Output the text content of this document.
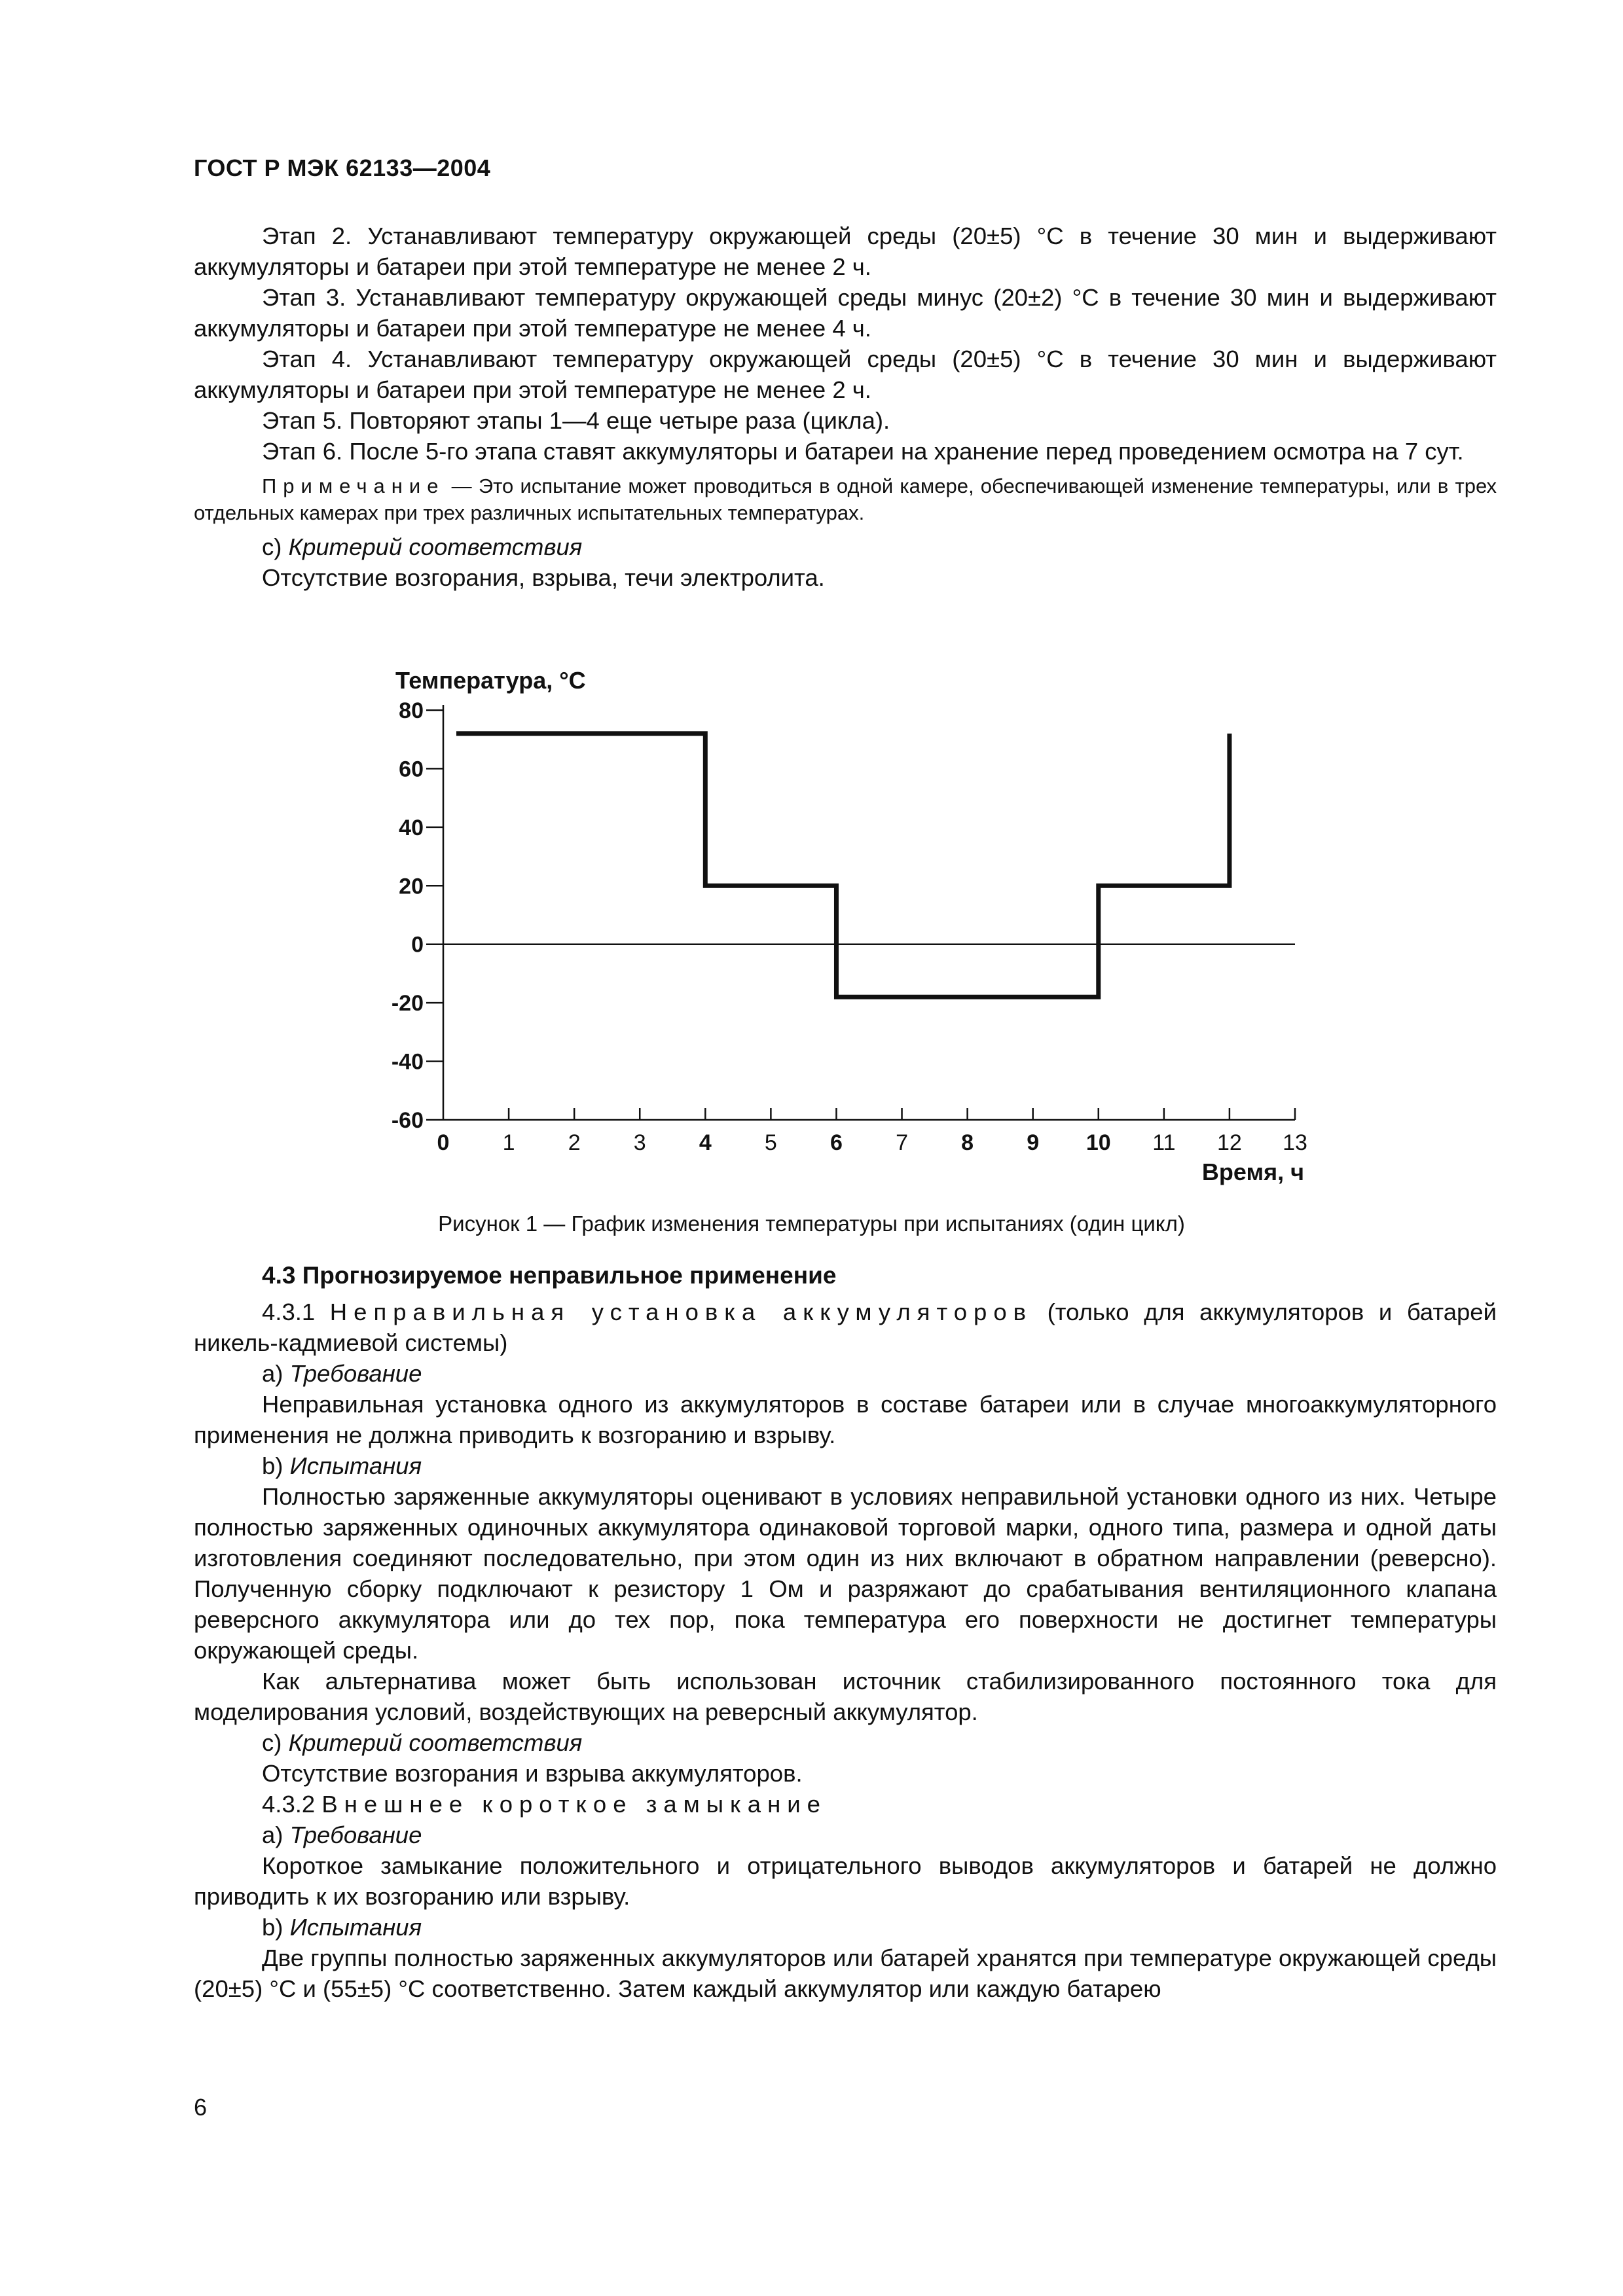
ГОСТ Р МЭК 62133—2004

Этап 2. Устанавливают температуру окружающей среды (20±5) °С в течение 30 мин и выдерживают аккумуляторы и батареи при этой температуре не менее 2 ч.

Этап 3. Устанавливают температуру окружающей среды минус (20±2) °С в течение 30 мин и выдерживают аккумуляторы и батареи при этой температуре не менее 4 ч.

Этап 4. Устанавливают температуру окружающей среды (20±5) °С в течение 30 мин и выдерживают аккумуляторы и батареи при этой температуре не менее 2 ч.

Этап 5. Повторяют этапы 1—4 еще четыре раза (цикла).

Этап 6. После 5-го этапа ставят аккумуляторы и батареи на хранение перед проведением осмотра на 7 сут.

Примечание — Это испытание может проводиться в одной камере, обеспечивающей изменение температуры, или в трех отдельных камерах при трех различных испытательных температурах.

c) Критерий соответствия

Отсутствие возгорания, взрыва, течи электролита.

80
60
40
20
0
-20
-40
-60
0 1 2 3 4 5 6 7 8 9 10 11 12 13
Температура, °С
Время, ч
Рисунок 1 — График изменения температуры при испытаниях (один цикл)

4.3 Прогнозируемое неправильное применение

4.3.1 Неправильная установка аккумуляторов (только для аккумуляторов и батарей никель-кадмиевой системы)

a) Требование

Неправильная установка одного из аккумуляторов в составе батареи или в случае многоаккумуляторного применения не должна приводить к возгоранию и взрыву.

b) Испытания

Полностью заряженные аккумуляторы оценивают в условиях неправильной установки одного из них. Четыре полностью заряженных одиночных аккумулятора одинаковой торговой марки, одного типа, размера и одной даты изготовления соединяют последовательно, при этом один из них включают в обратном направлении (реверсно). Полученную сборку подключают к резистору 1 Ом и разряжают до срабатывания вентиляционного клапана реверсного аккумулятора или до тех пор, пока температура его поверхности не достигнет температуры окружающей среды.

Как альтернатива может быть использован источник стабилизированного постоянного тока для моделирования условий, воздействующих на реверсный аккумулятор.

c) Критерий соответствия

Отсутствие возгорания и взрыва аккумуляторов.

4.3.2 Внешнее короткое замыкание

a) Требование

Короткое замыкание положительного и отрицательного выводов аккумуляторов и батарей не должно приводить к их возгоранию или взрыву.

b) Испытания

Две группы полностью заряженных аккумуляторов или батарей хранятся при температуре окружающей среды (20±5) °С и (55±5) °С соответственно. Затем каждый аккумулятор или каждую батарею

6
